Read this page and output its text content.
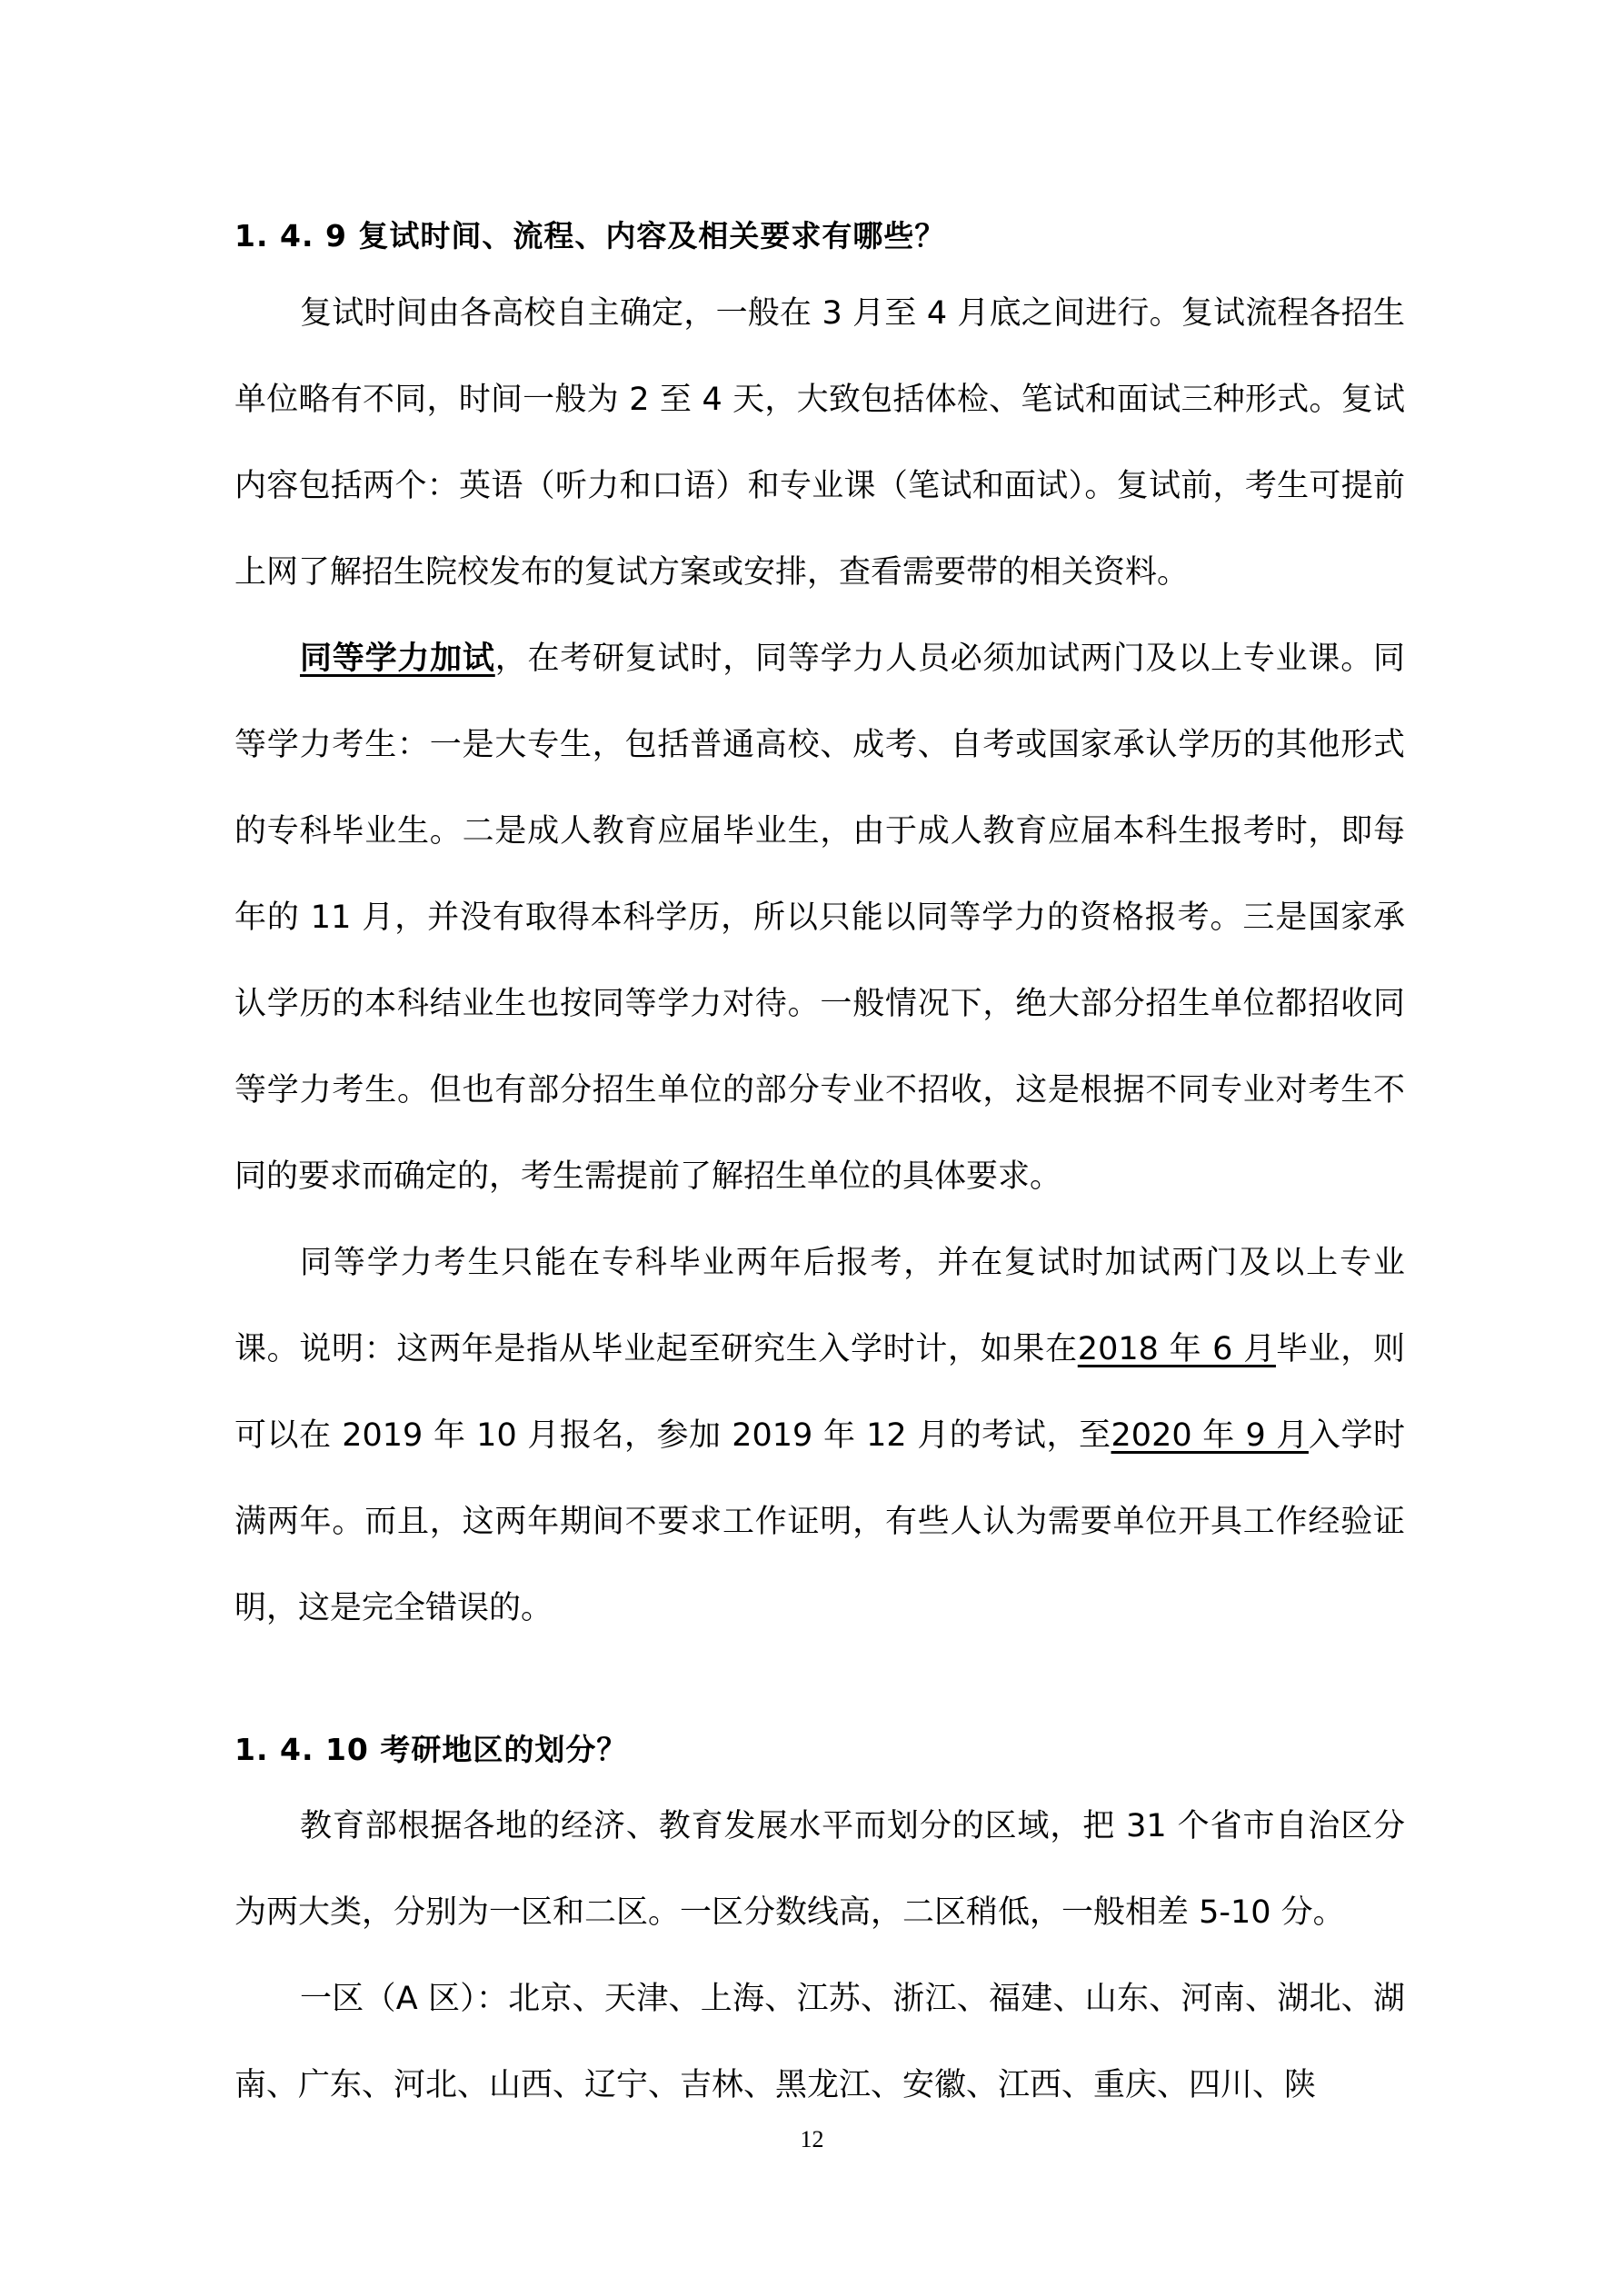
1. 4. 9 复试时间、流程、内容及相关要求有哪些？

复试时间由各高校自主确定，一般在 3 月至 4 月底之间进行。复试流程各招生单位略有不同，时间一般为 2 至 4 天，大致包括体检、笔试和面试三种形式。复试内容包括两个：英语（听力和口语）和专业课（笔试和面试）。复试前，考生可提前上网了解招生院校发布的复试方案或安排，查看需要带的相关资料。

同等学力加试，在考研复试时，同等学力人员必须加试两门及以上专业课。同等学力考生：一是大专生，包括普通高校、成考、自考或国家承认学历的其他形式的专科毕业生。二是成人教育应届毕业生，由于成人教育应届本科生报考时，即每年的 11 月，并没有取得本科学历，所以只能以同等学力的资格报考。三是国家承认学历的本科结业生也按同等学力对待。一般情况下，绝大部分招生单位都招收同等学力考生。但也有部分招生单位的部分专业不招收，这是根据不同专业对考生不同的要求而确定的，考生需提前了解招生单位的具体要求。

同等学力考生只能在专科毕业两年后报考，并在复试时加试两门及以上专业课。说明：这两年是指从毕业起至研究生入学时计，如果在2018 年 6 月毕业，则可以在 2019 年 10 月报名，参加 2019 年 12 月的考试，至2020 年 9 月入学时满两年。而且，这两年期间不要求工作证明，有些人认为需要单位开具工作经验证明，这是完全错误的。

1. 4. 10 考研地区的划分？

教育部根据各地的经济、教育发展水平而划分的区域，把 31 个省市自治区分为两大类，分别为一区和二区。一区分数线高，二区稍低，一般相差 5-10 分。

一区（A 区）：北京、天津、上海、江苏、浙江、福建、山东、河南、湖北、湖南、广东、河北、山西、辽宁、吉林、黑龙江、安徽、江西、重庆、四川、陕

12
